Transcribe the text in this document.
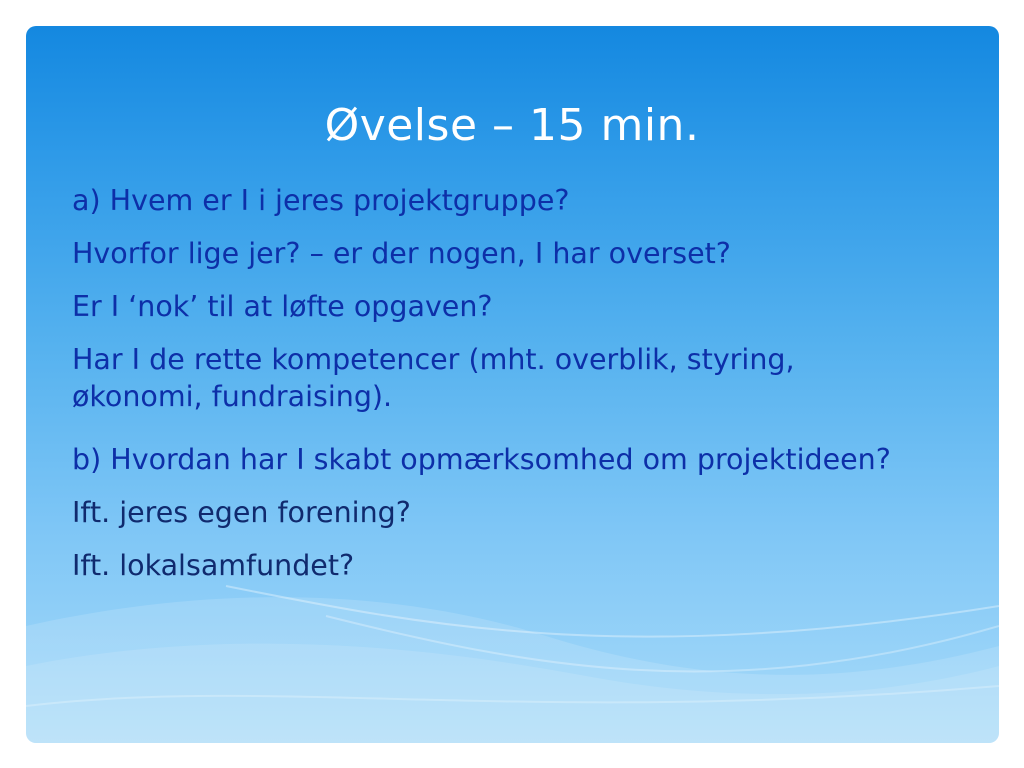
Øvelse – 15 min.
a) Hvem er I i jeres projektgruppe?
Hvorfor lige jer? – er der nogen, I har overset?
Er I ‘nok’ til at løfte opgaven?
Har I de rette kompetencer (mht. overblik, styring, økonomi, fundraising).
b) Hvordan har I skabt opmærksomhed om projektideen?
Ift. jeres egen forening?
Ift. lokalsamfundet?
